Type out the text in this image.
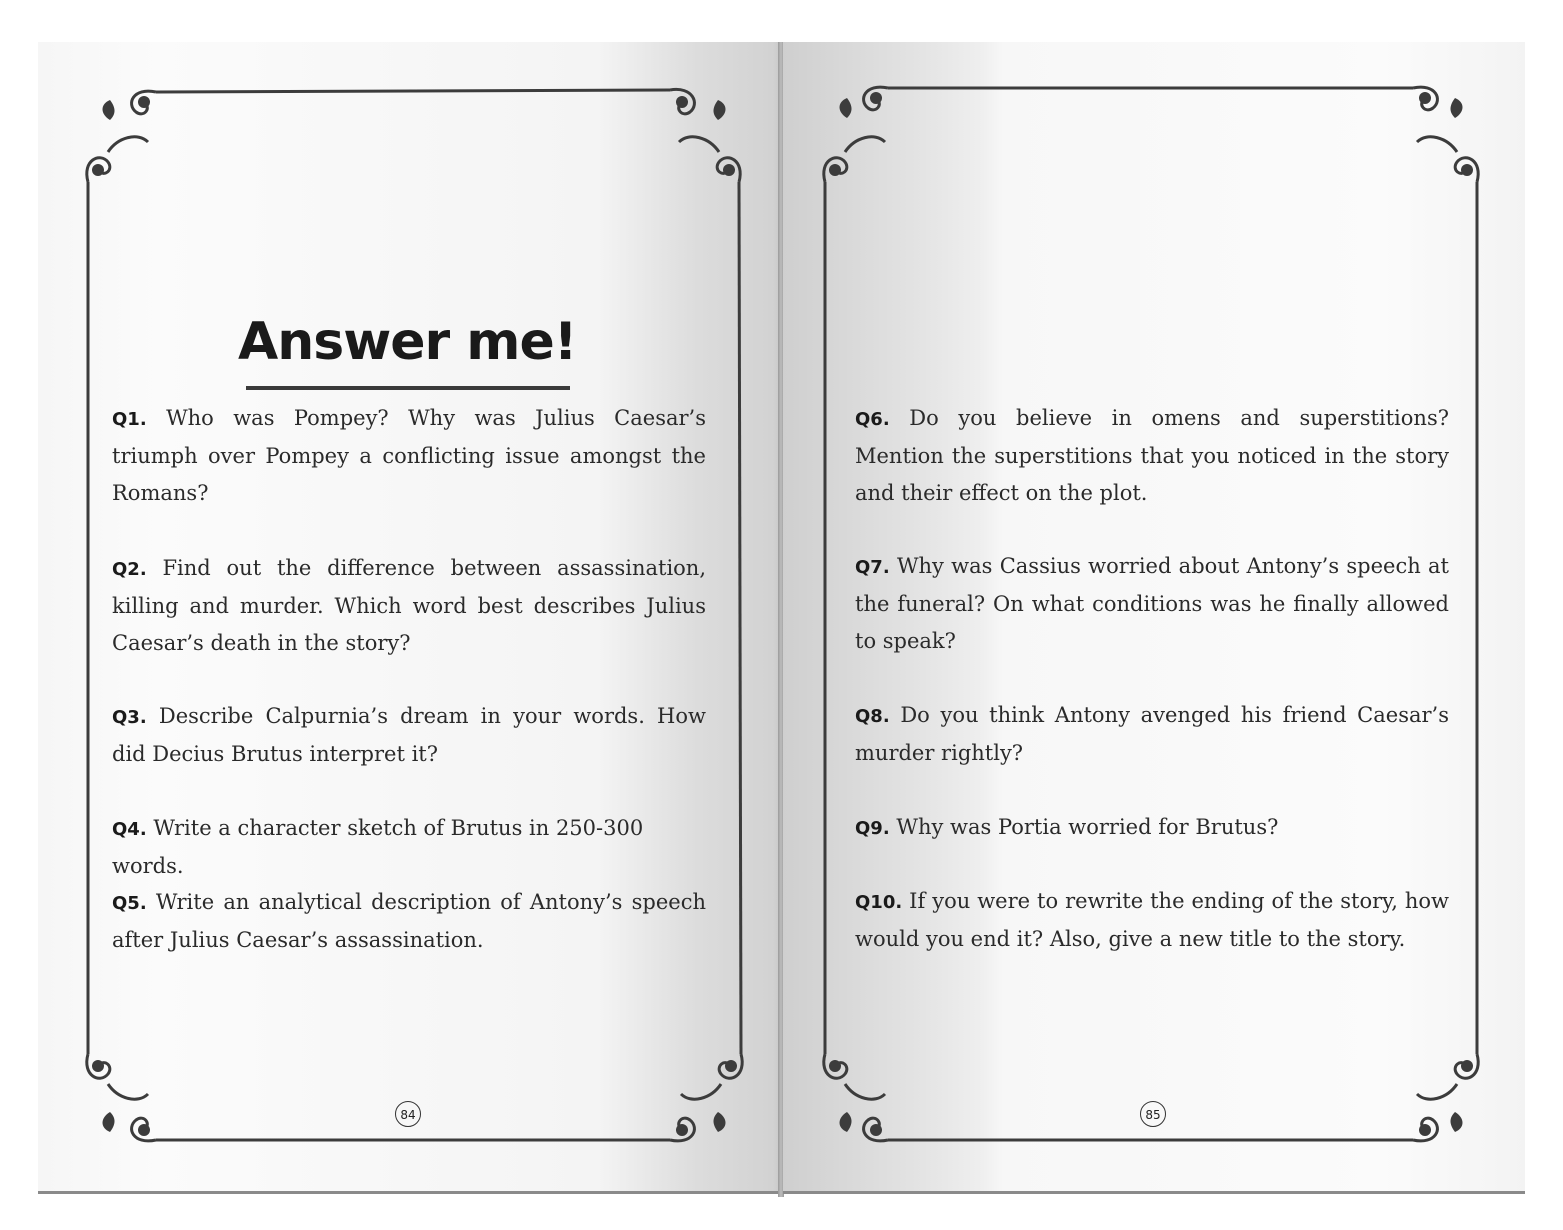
Answer me!
Q1. Who was Pompey? Why was Julius Caesar’s triumph over Pompey a conflicting issue amongst the Romans?
Q2. Find out the difference between assassination, killing and murder. Which word best describes Julius Caesar’s death in the story?
Q3. Describe Calpurnia’s dream in your words. How did Decius Brutus interpret it?
Q4. Write a character sketch of Brutus in 250-300 words.
Q5. Write an analytical description of Antony’s speech after Julius Caesar’s assassination.
84
Q6. Do you believe in omens and superstitions? Mention the superstitions that you noticed in the story and their effect on the plot.
Q7. Why was Cassius worried about Antony’s speech at the funeral? On what conditions was he finally allowed to speak?
Q8. Do you think Antony avenged his friend Caesar’s murder rightly?
Q9. Why was Portia worried for Brutus?
Q10. If you were to rewrite the ending of the story, how would you end it? Also, give a new title to the story.
85
